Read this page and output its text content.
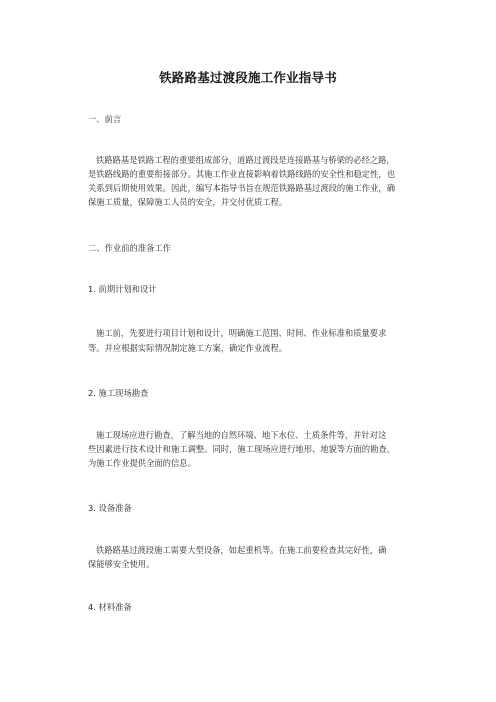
铁路路基过渡段施工作业指导书
一、前言
铁路路基是铁路工程的重要组成部分，道路过渡段是连接路基与桥梁的必经之路，
是铁路线路的重要衔接部分。其施工作业直接影响着铁路线路的安全性和稳定性，也
关系到后期使用效果。因此，编写本指导书旨在规范铁路路基过渡段的施工作业，确
保施工质量，保障施工人员的安全，并交付优质工程。
二、作业前的准备工作
1. 前期计划和设计
施工前，先要进行项目计划和设计，明确施工范围、时间、作业标准和质量要求
等。并应根据实际情况制定施工方案，确定作业流程。
2. 施工现场勘查
施工现场应进行勘查，了解当地的自然环境、地下水位、土质条件等，并针对这
些因素进行技术设计和施工调整。同时，施工现场应进行地形、地貌等方面的勘查，
为施工作业提供全面的信息。
3. 设备准备
铁路路基过渡段施工需要大型设备，如起重机等。在施工前要检查其完好性，确
保能够安全使用。
4. 材料准备
